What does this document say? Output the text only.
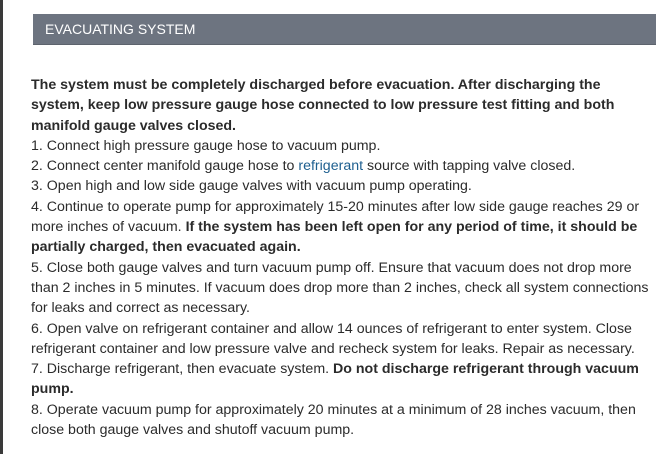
EVACUATING SYSTEM

The system must be completely discharged before evacuation. After discharging the system, keep low pressure gauge hose connected to low pressure test fitting and both manifold gauge valves closed.

1. Connect high pressure gauge hose to vacuum pump.

2. Connect center manifold gauge hose to refrigerant source with tapping valve closed.

3. Open high and low side gauge valves with vacuum pump operating.

4. Continue to operate pump for approximately 15-20 minutes after low side gauge reaches 29 or more inches of vacuum. If the system has been left open for any period of time, it should be partially charged, then evacuated again.

5. Close both gauge valves and turn vacuum pump off. Ensure that vacuum does not drop more than 2 inches in 5 minutes. If vacuum does drop more than 2 inches, check all system connections for leaks and correct as necessary.

6. Open valve on refrigerant container and allow 14 ounces of refrigerant to enter system. Close refrigerant container and low pressure valve and recheck system for leaks. Repair as necessary.

7. Discharge refrigerant, then evacuate system. Do not discharge refrigerant through vacuum pump.

8. Operate vacuum pump for approximately 20 minutes at a minimum of 28 inches vacuum, then close both gauge valves and shutoff vacuum pump.
